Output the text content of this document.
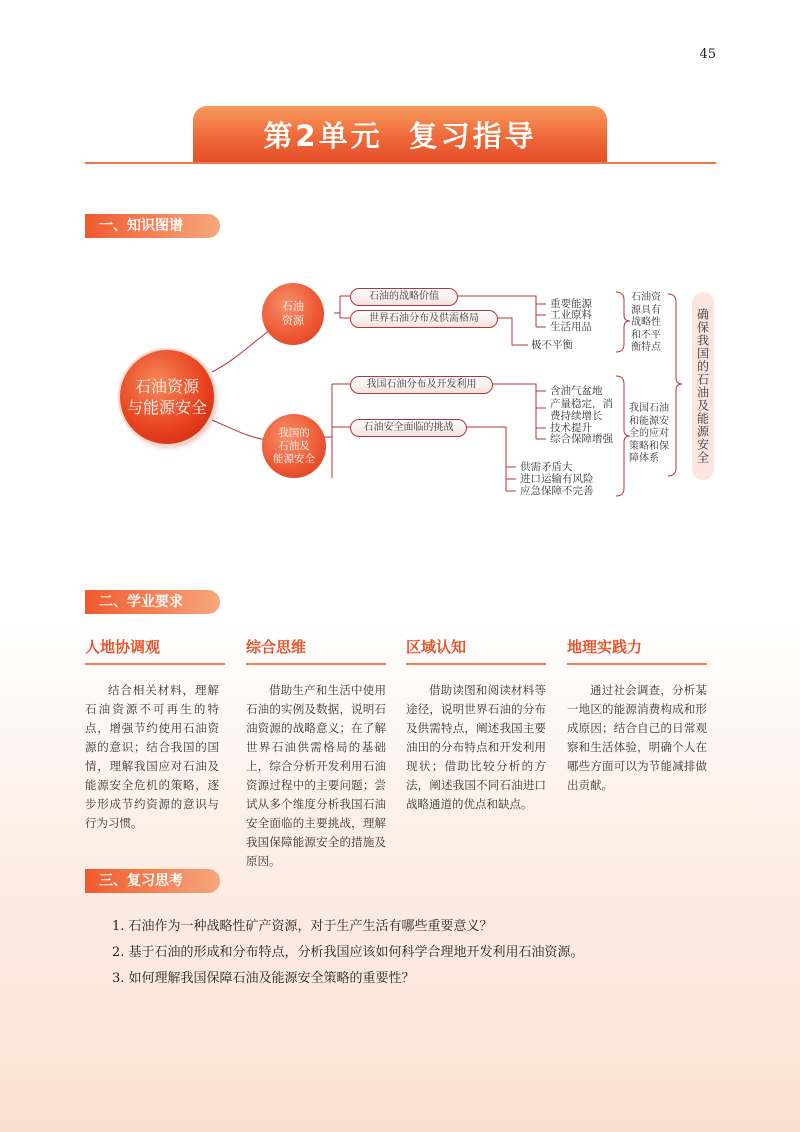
45
第2单元 复习指导
一、知识图谱
石油资源
与能源安全
石油
资源
我国的
石油及
能源安全
石油的战略价值
世界石油分布及供需格局
我国石油分布及开发利用
石油安全面临的挑战
重要能源
工业原料
生活用品
极不平衡
含油气盆地
产量稳定，消
费持续增长
技术提升
综合保障增强
供需矛盾大
进口运输有风险
应急保障不完善
石油资
源具有
战略性
和不平
衡特点
我国石油
和能源安
全的应对
策略和保
障体系	确保我国的石油及能源安全
二、学业要求
人地协调观

结合相关材料，理解石油资源不可再生的特点，增强节约使用石油资源的意识；结合我国的国情，理解我国应对石油及能源安全危机的策略，逐步形成节约资源的意识与行为习惯。

综合思维

借助生产和生活中使用石油的实例及数据，说明石油资源的战略意义；在了解世界石油供需格局的基础上，综合分析开发利用石油资源过程中的主要问题；尝试从多个维度分析我国石油安全面临的主要挑战，理解我国保障能源安全的措施及原因。

区域认知

借助读图和阅读材料等途径，说明世界石油的分布及供需特点，阐述我国主要油田的分布特点和开发利用现状；借助比较分析的方法，阐述我国不同石油进口战略通道的优点和缺点。

地理实践力

通过社会调查，分析某一地区的能源消费构成和形成原因；结合自己的日常观察和生活体验，明确个人在哪些方面可以为节能减排做出贡献。

三、复习思考
1. 石油作为一种战略性矿产资源，对于生产生活有哪些重要意义？
2. 基于石油的形成和分布特点，分析我国应该如何科学合理地开发利用石油资源。
3. 如何理解我国保障石油及能源安全策略的重要性？
